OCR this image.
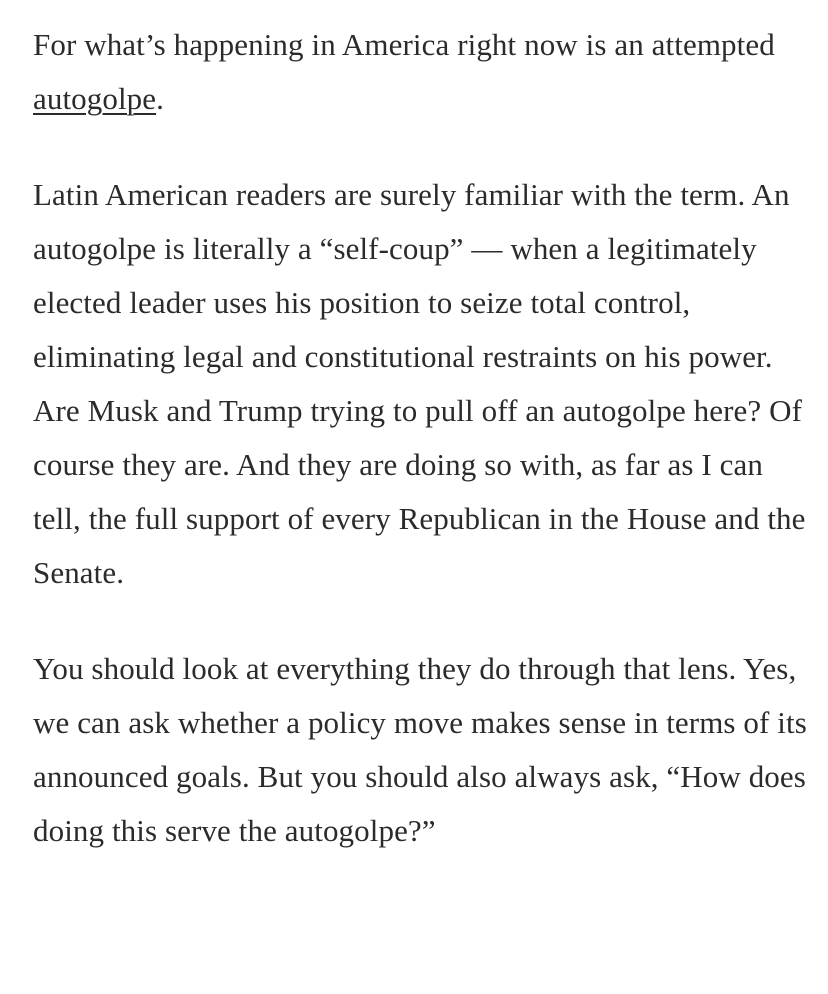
For what’s happening in America right now is an attempted autogolpe.

Latin American readers are surely familiar with the term. An autogolpe is literally a “self-coup” — when a legitimately elected leader uses his position to seize total control, eliminating legal and constitutional restraints on his power. Are Musk and Trump trying to pull off an autogolpe here? Of course they are. And they are doing so with, as far as I can tell, the full support of every Republican in the House and the Senate.

You should look at everything they do through that lens. Yes, we can ask whether a policy move makes sense in terms of its announced goals. But you should also always ask, “How does doing this serve the autogolpe?”
